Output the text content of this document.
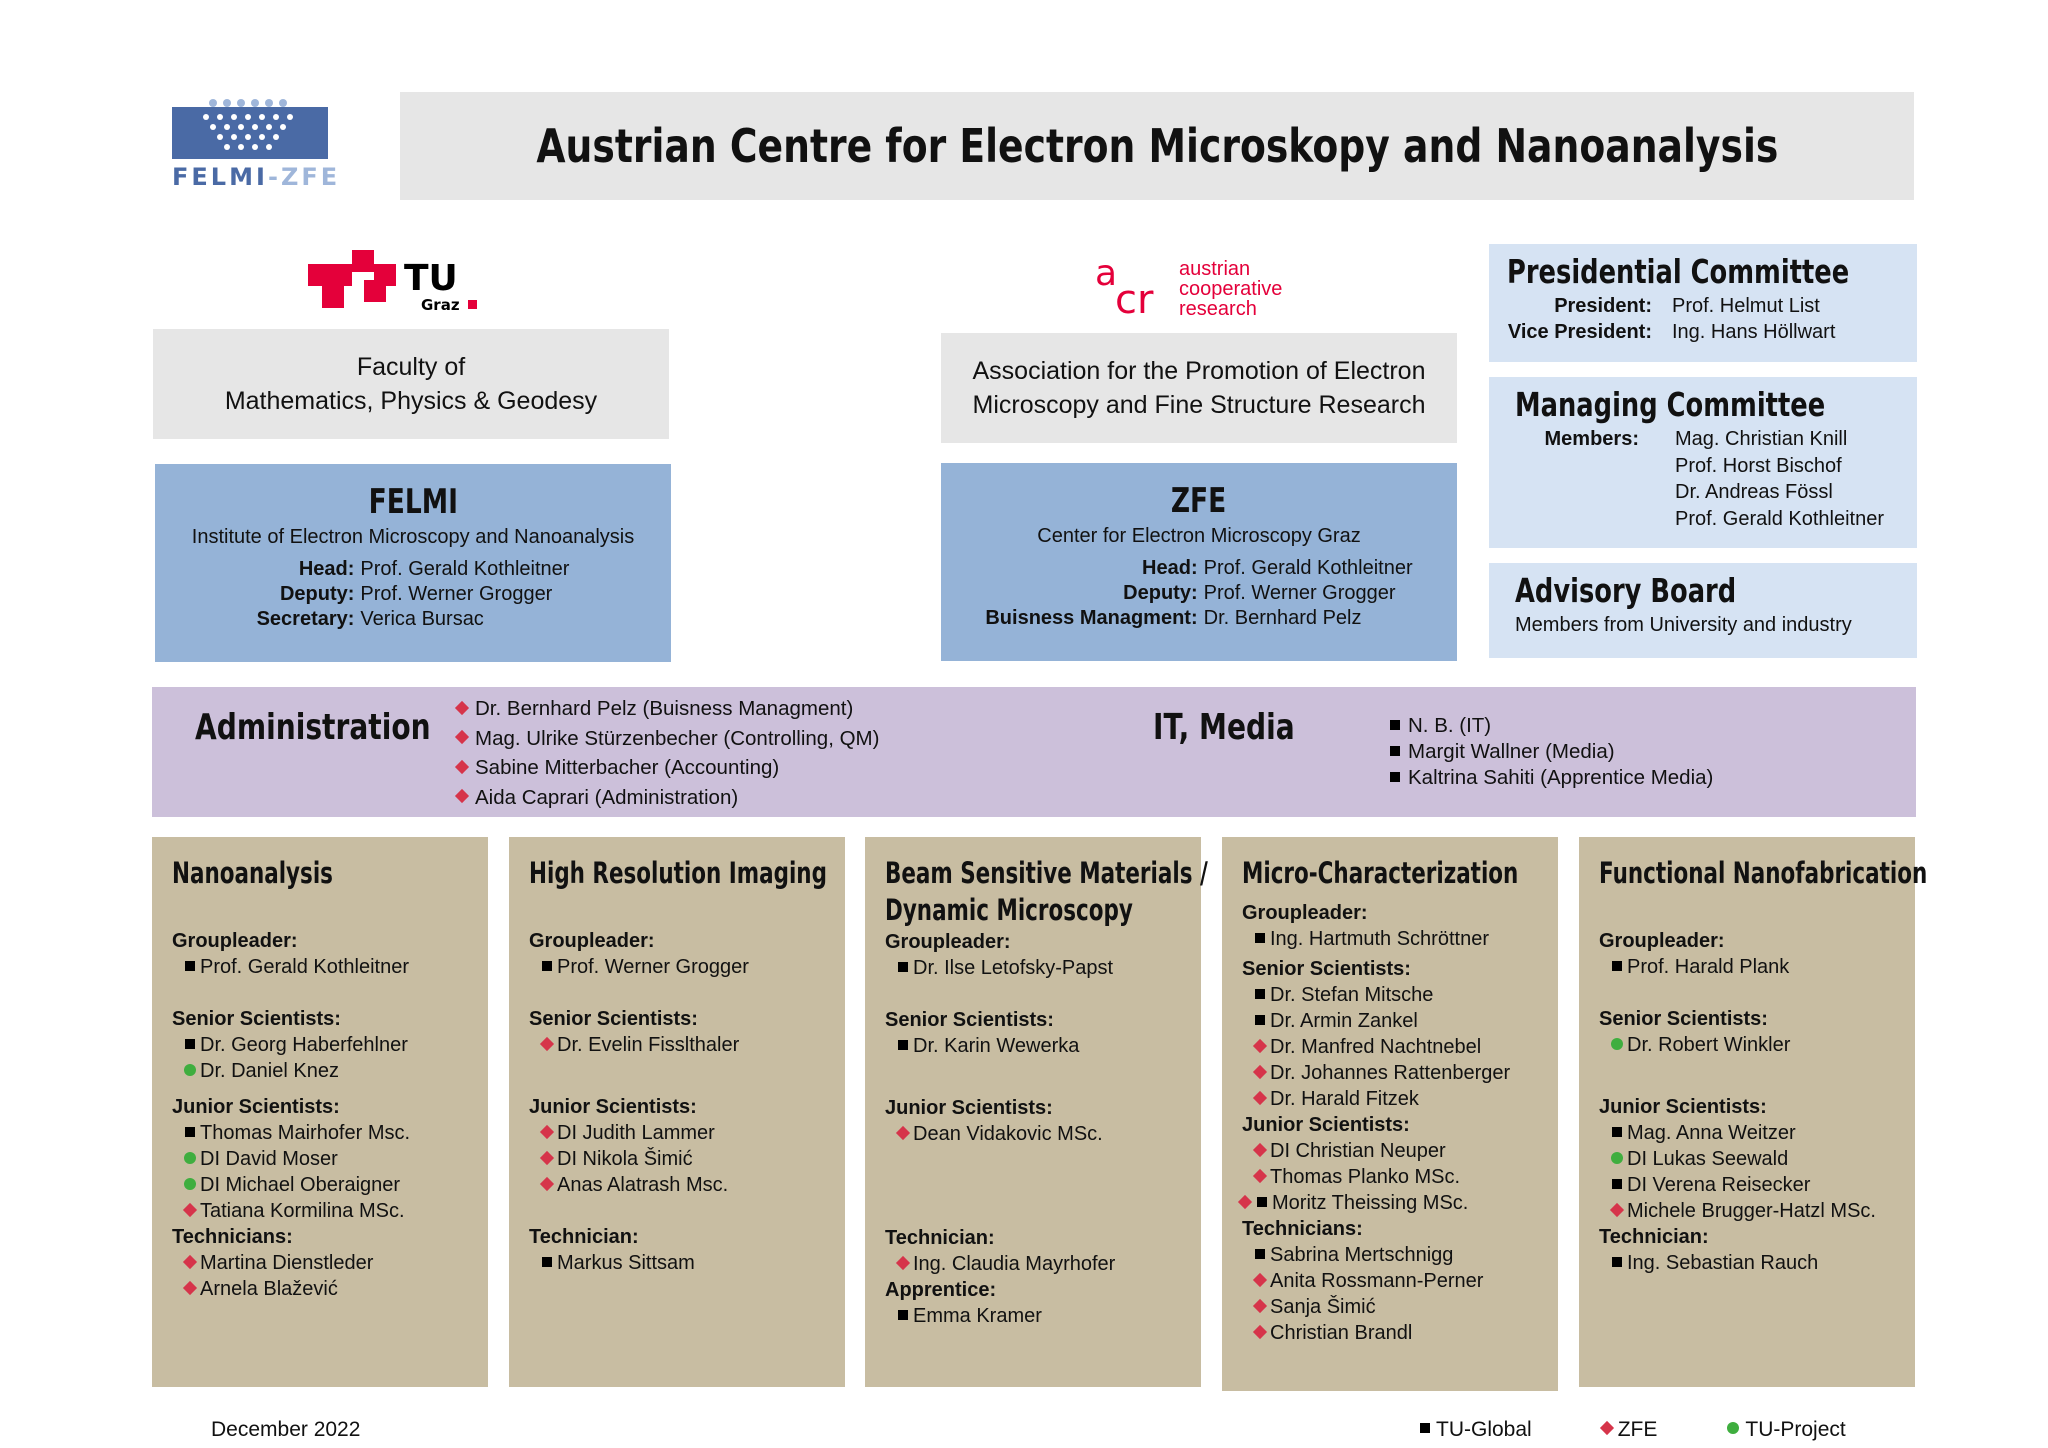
FELMI -ZFE
Austrian Centre for Electron Microskopy and Nanoanalysis
TU
Graz
a
cr
austrian
cooperative
research
Faculty of
Mathematics, Physics & Geodesy
Association for the Promotion of Electron
Microscopy and Fine Structure Research
FELMI
Institute of Electron Microscopy and Nanoanalysis
Head: Prof. Gerald Kothleitner
Deputy: Prof. Werner Grogger
Secretary: Verica Bursac
ZFE
Center for Electron Microscopy Graz
Head: Prof. Gerald Kothleitner
Deputy: Prof. Werner Grogger
Buisness Managment: Dr. Bernhard Pelz
Presidential Committee
President: Prof. Helmut List
Vice President: Ing. Hans Höllwart
Managing Committee
Members: Mag. Christian Knill
Prof. Horst Bischof
Dr. Andreas Fössl
Prof. Gerald Kothleitner
Advisory Board
Members from University and industry
Administration	Dr. Bernhard Pelz (Buisness Managment)
Mag. Ulrike Stürzenbecher (Controlling, QM)
Sabine Mitterbacher (Accounting)
Aida Caprari (Administration)
IT, Media	N. B. (IT)
Margit Wallner (Media)
Kaltrina Sahiti (Apprentice Media)
Nanoanalysis
Groupleader:
Prof. Gerald Kothleitner
Senior Scientists:
Dr. Georg Haberfehlner
Dr. Daniel Knez
Junior Scientists:
Thomas Mairhofer Msc.
DI David Moser
DI Michael Oberaigner
Tatiana Kormilina MSc.
Technicians:
Martina Dienstleder
Arnela Blažević
High Resolution Imaging
Groupleader:
Prof. Werner Grogger
Senior Scientists:
Dr. Evelin Fisslthaler
Junior Scientists:
DI Judith Lammer
DI Nikola Šimić
Anas Alatrash Msc.
Technician:
Markus Sittsam
Beam Sensitive Materials /
Dynamic Microscopy
Groupleader:
Dr. Ilse Letofsky-Papst
Senior Scientists:
Dr. Karin Wewerka
Junior Scientists:
Dean Vidakovic MSc.
Technician:
Ing. Claudia Mayrhofer
Apprentice:
Emma Kramer
Micro-Characterization
Groupleader:
Ing. Hartmuth Schröttner
Senior Scientists:
Dr. Stefan Mitsche
Dr. Armin Zankel
Dr. Manfred Nachtnebel
Dr. Johannes Rattenberger
Dr. Harald Fitzek
Junior Scientists:
DI Christian Neuper
Thomas Planko MSc.
Moritz Theissing MSc.
Technicians:
Sabrina Mertschnigg
Anita Rossmann-Perner
Sanja Šimić
Christian Brandl
Functional Nanofabrication
Groupleader:
Prof. Harald Plank
Senior Scientists:
Dr. Robert Winkler
Junior Scientists:
Mag. Anna Weitzer
DI Lukas Seewald
DI Verena Reisecker
Michele Brugger-Hatzl MSc.
Technician:
Ing. Sebastian Rauch
December 2022	TU-Global	ZFE	TU-Project
